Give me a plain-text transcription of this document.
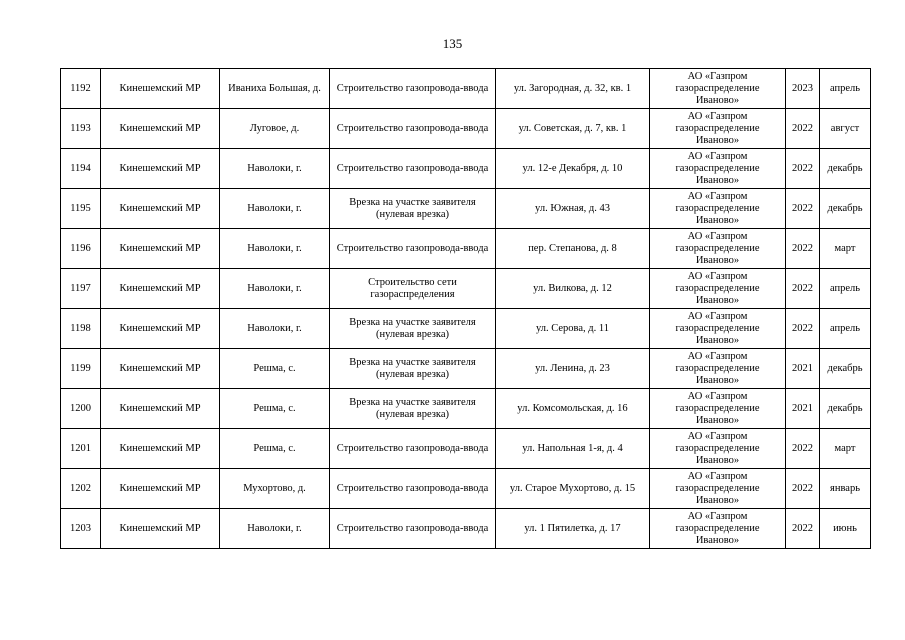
135
1192	Кинешемский МР	Иваниха Большая, д.	Строительство газопровода-ввода	ул. Загородная, д. 32, кв. 1	АО «Газпром
газораспределение
Иваново»	2023	апрель
1193	Кинешемский МР	Луговое, д.	Строительство газопровода-ввода	ул. Советская, д. 7, кв. 1	АО «Газпром
газораспределение
Иваново»	2022	август
1194	Кинешемский МР	Наволоки, г.	Строительство газопровода-ввода	ул. 12-е Декабря, д. 10	АО «Газпром
газораспределение
Иваново»	2022	декабрь
1195	Кинешемский МР	Наволоки, г.	Врезка на участке заявителя (нулевая врезка)	ул. Южная, д. 43	АО «Газпром
газораспределение
Иваново»	2022	декабрь
1196	Кинешемский МР	Наволоки, г.	Строительство газопровода-ввода	пер. Степанова, д. 8	АО «Газпром
газораспределение
Иваново»	2022	март
1197	Кинешемский МР	Наволоки, г.	Строительство сети газораспределения	ул. Вилкова, д. 12	АО «Газпром
газораспределение
Иваново»	2022	апрель
1198	Кинешемский МР	Наволоки, г.	Врезка на участке заявителя (нулевая врезка)	ул. Серова, д. 11	АО «Газпром
газораспределение
Иваново»	2022	апрель
1199	Кинешемский МР	Решма, с.	Врезка на участке заявителя (нулевая врезка)	ул. Ленина, д. 23	АО «Газпром
газораспределение
Иваново»	2021	декабрь
1200	Кинешемский МР	Решма, с.	Врезка на участке заявителя (нулевая врезка)	ул. Комсомольская, д. 16	АО «Газпром
газораспределение
Иваново»	2021	декабрь
1201	Кинешемский МР	Решма, с.	Строительство газопровода-ввода	ул. Напольная 1-я, д. 4	АО «Газпром
газораспределение
Иваново»	2022	март
1202	Кинешемский МР	Мухортово, д.	Строительство газопровода-ввода	ул. Старое Мухортово, д. 15	АО «Газпром
газораспределение
Иваново»	2022	январь
1203	Кинешемский МР	Наволоки, г.	Строительство газопровода-ввода	ул. 1 Пятилетка, д. 17	АО «Газпром
газораспределение
Иваново»	2022	июнь
